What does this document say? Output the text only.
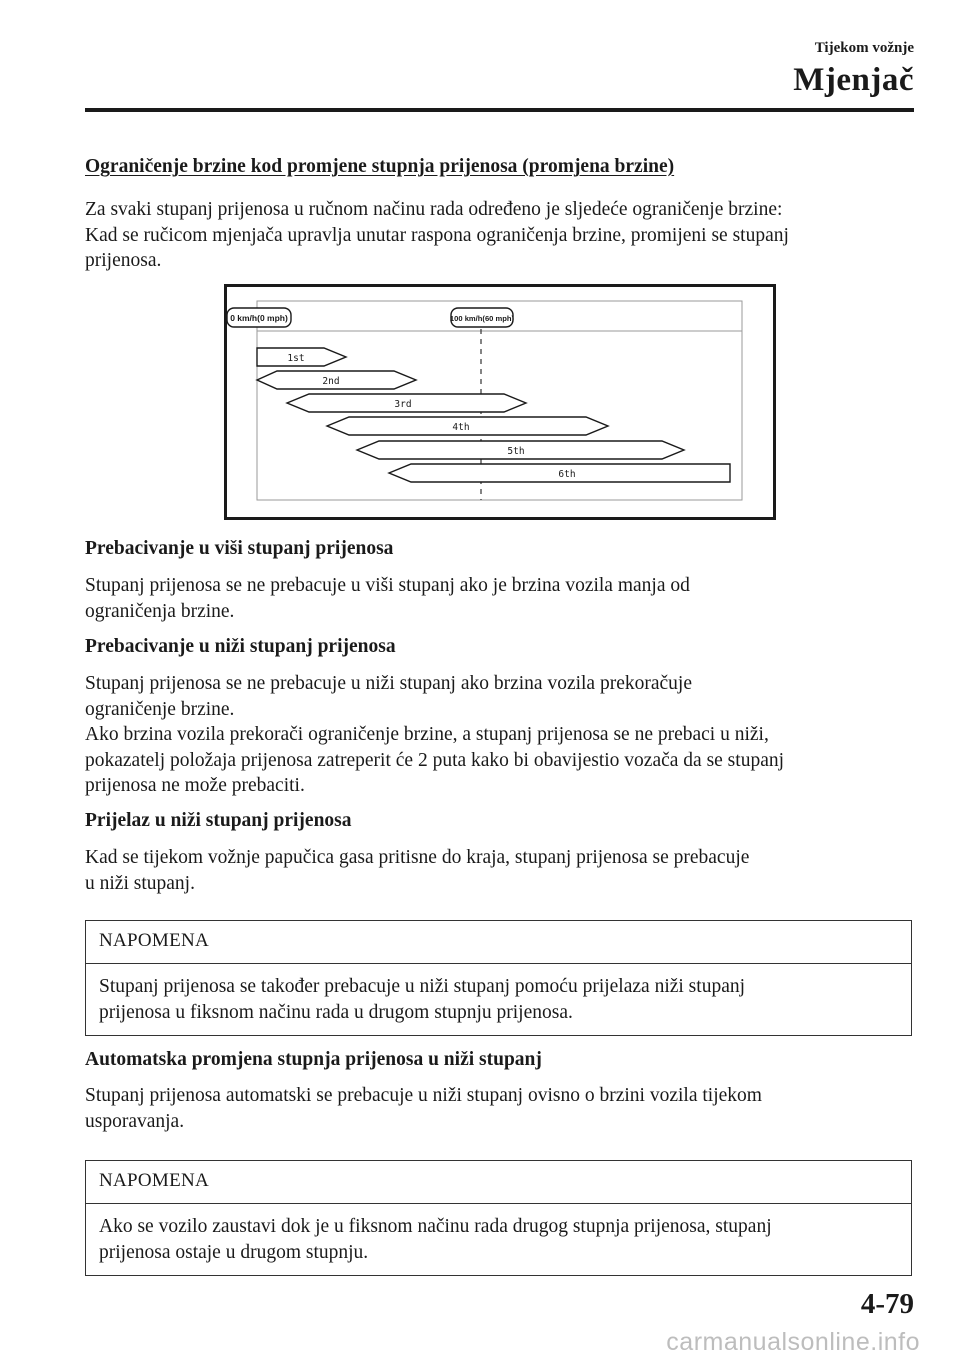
Tijekom vožnje
Mjenjač
Ograničenje brzine kod promjene stupnja prijenosa (promjena brzine)

Za svaki stupanj prijenosa u ručnom načinu rada određeno je sljedeće ograničenje brzine:
Kad se ručicom mjenjača upravlja unutar raspona ograničenja brzine, promijeni se stupanj
prijenosa.

0 km/h(0 mph)	100 km/h(60 mph)
1st
2nd
3rd
4th
5th
6th
Prebacivanje u viši stupanj prijenosa

Stupanj prijenosa se ne prebacuje u viši stupanj ako je brzina vozila manja od
ograničenja brzine.

Prebacivanje u niži stupanj prijenosa

Stupanj prijenosa se ne prebacuje u niži stupanj ako brzina vozila prekoračuje
ograničenje brzine.
Ako brzina vozila prekorači ograničenje brzine, a stupanj prijenosa se ne prebaci u niži,
pokazatelj položaja prijenosa zatreperit će 2 puta kako bi obavijestio vozača da se stupanj
prijenosa ne može prebaciti.

Prijelaz u niži stupanj prijenosa

Kad se tijekom vožnje papučica gasa pritisne do kraja, stupanj prijenosa se prebacuje
u niži stupanj.

NAPOMENA
Stupanj prijenosa se također prebacuje u niži stupanj pomoću prijelaza niži stupanj
prijenosa u fiksnom načinu rada u drugom stupnju prijenosa.
Automatska promjena stupnja prijenosa u niži stupanj

Stupanj prijenosa automatski se prebacuje u niži stupanj ovisno o brzini vozila tijekom
usporavanja.

NAPOMENA
Ako se vozilo zaustavi dok je u fiksnom načinu rada drugog stupnja prijenosa, stupanj
prijenosa ostaje u drugom stupnju.
4-79
carmanualsonline.info
